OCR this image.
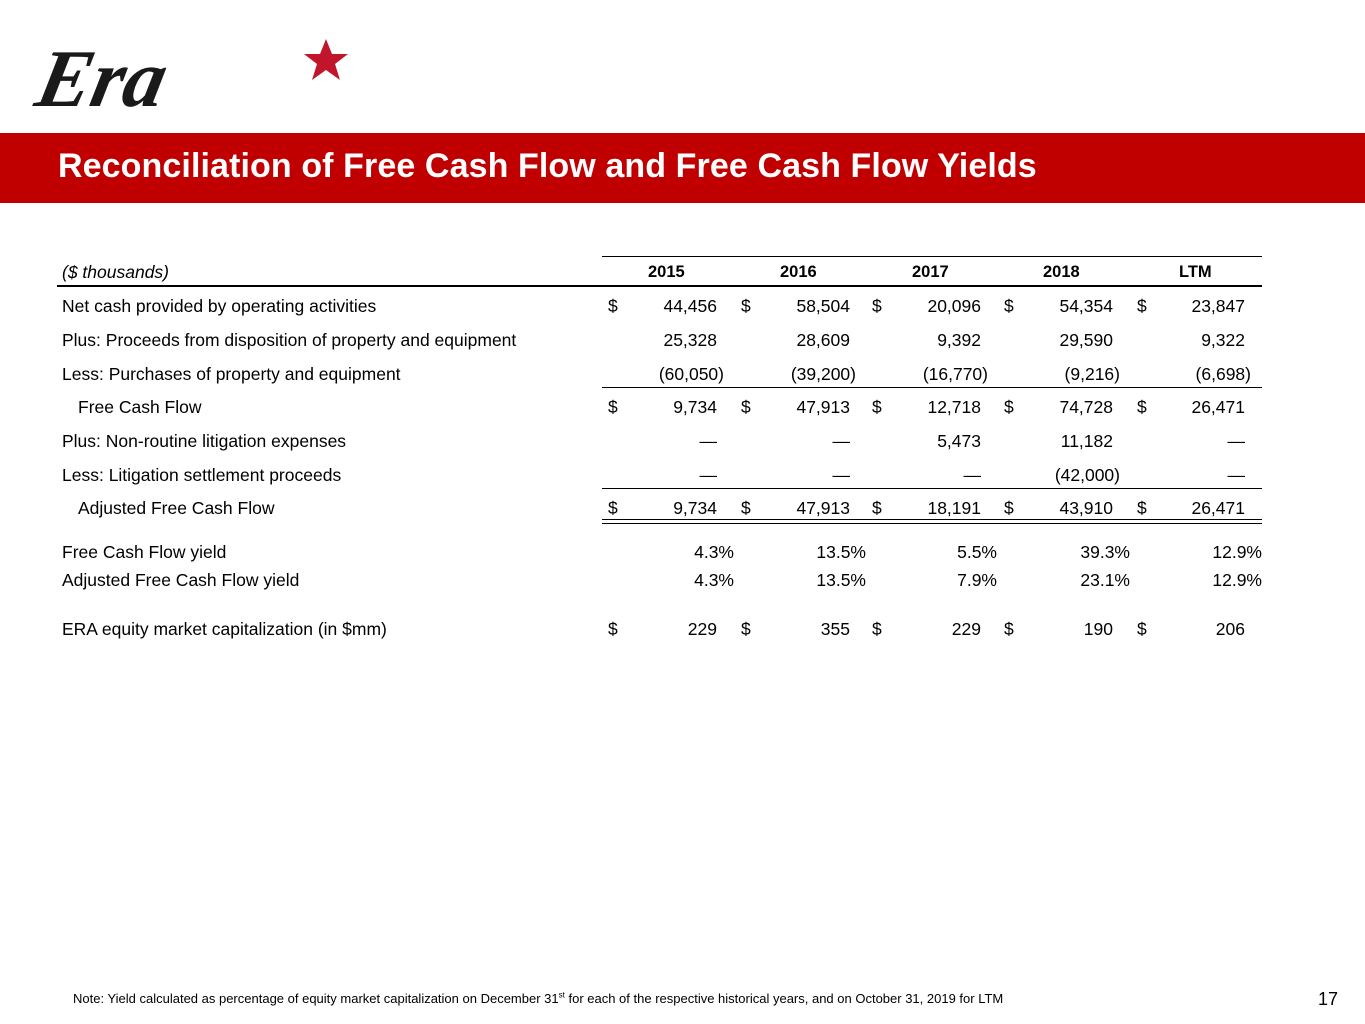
Era
Reconciliation of Free Cash Flow and Free Cash Flow Yields
($ thousands)	2015	2016	2017	2018	LTM
Net cash provided by operating activities	$	44,456 $	58,504 $	20,096 $	54,354 $	23,847
Plus: Proceeds from disposition of property and equipment	25,328	28,609	9,392	29,590	9,322
Less: Purchases of property and equipment	(60,050)	(39,200)	(16,770)	(9,216)	(6,698)
Free Cash Flow	$	9,734 $	47,913 $	12,718 $	74,728 $	26,471
Plus: Non-routine litigation expenses	—	—	5,473	11,182	—
Less: Litigation settlement proceeds	—	—	—	(42,000)	—
Adjusted Free Cash Flow	$	9,734 $	47,913 $	18,191 $	43,910 $	26,471
Free Cash Flow yield	4.3%	13.5%	5.5%	39.3%	12.9%
Adjusted Free Cash Flow yield	4.3%	13.5%	7.9%	23.1%	12.9%
ERA equity market capitalization (in $mm)	$	229 $	355 $	229 $	190 $	206
Note: Yield calculated as percentage of equity market capitalization on December 31st for each of the respective historical years, and on October 31, 2019 for LTM	17
